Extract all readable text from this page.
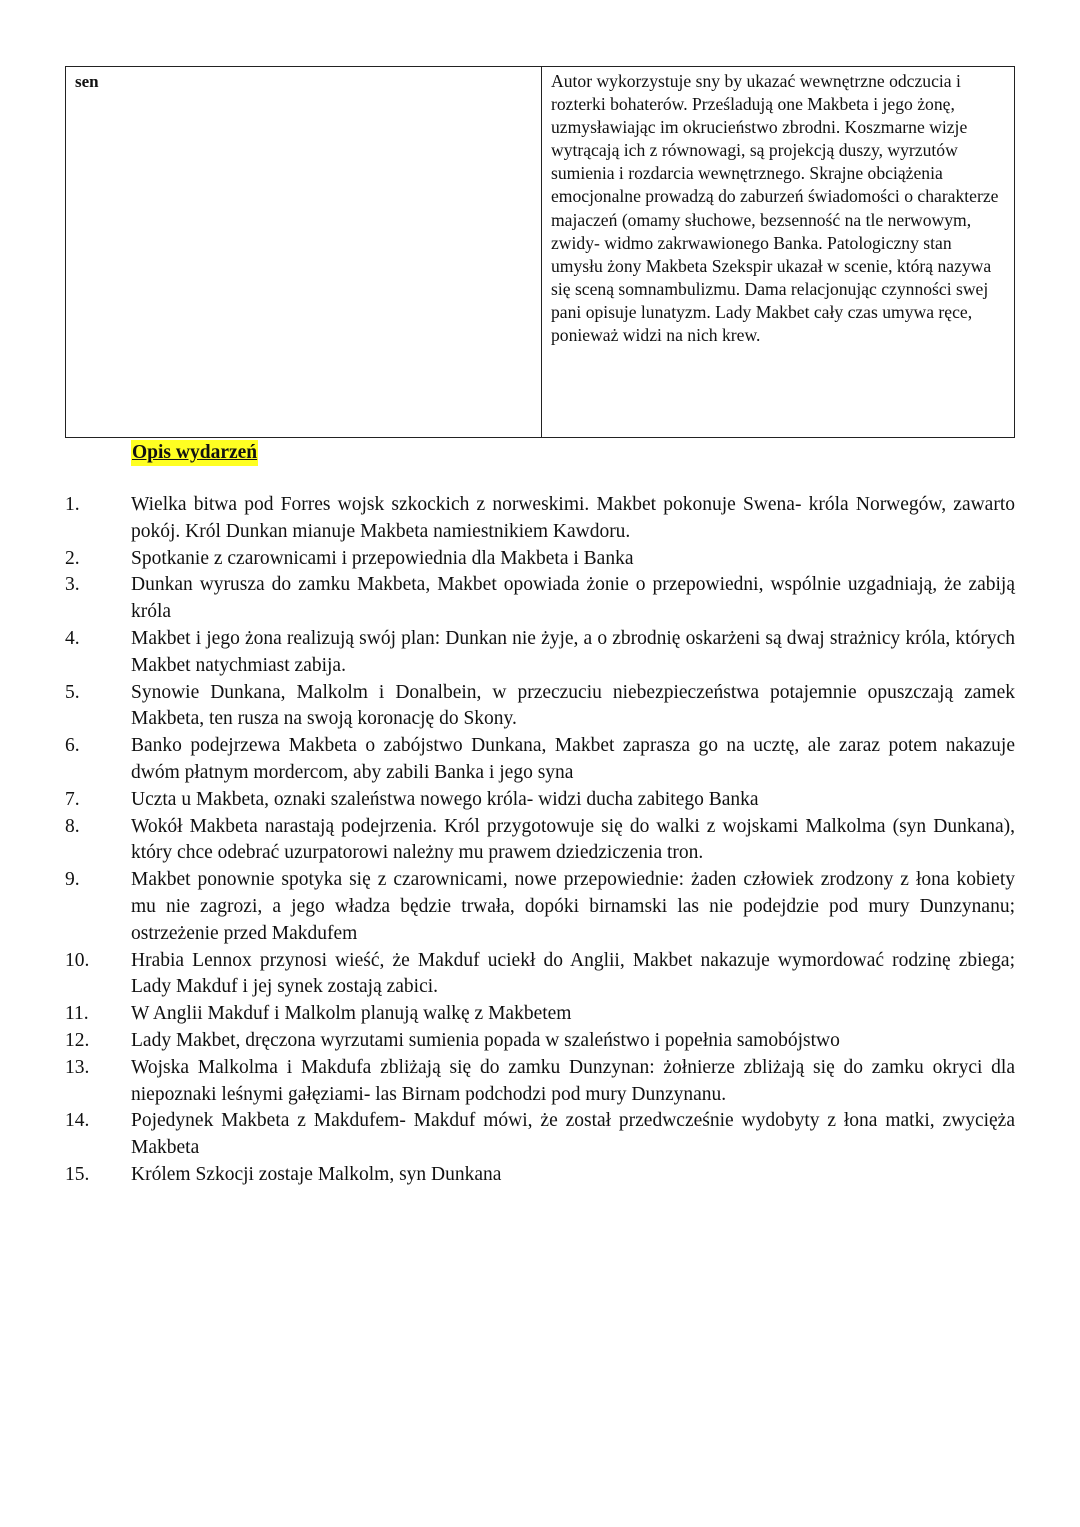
sen	Autor wykorzystuje sny by ukazać wewnętrzne odczucia i rozterki bohaterów. Prześladują one Makbeta i jego żonę, uzmysławiając im okrucieństwo zbrodni. Koszmarne wizje wytrącają ich z równowagi, są projekcją duszy, wyrzutów sumienia i rozdarcia wewnętrznego. Skrajne obciążenia emocjonalne prowadzą do zaburzeń świadomości o charakterze majaczeń (omamy słuchowe, bezsenność na tle nerwowym, zwidy- widmo zakrwawionego Banka. Patologiczny stan umysłu żony Makbeta Szekspir ukazał w scenie, którą nazywa się sceną somnambulizmu. Dama relacjonując czynności swej pani opisuje lunatyzm. Lady Makbet cały czas umywa ręce, ponieważ widzi na nich krew.
Opis wydarzeń
1.	Wielka bitwa pod Forres wojsk szkockich z norweskimi. Makbet pokonuje Swena- króla Norwegów, zawarto pokój. Król Dunkan mianuje Makbeta namiestnikiem Kawdoru.
2.	Spotkanie z czarownicami i przepowiednia dla Makbeta i Banka
3.	Dunkan wyrusza do zamku Makbeta, Makbet opowiada żonie o przepowiedni, wspólnie uzgadniają, że zabiją króla
4.	Makbet i jego żona realizują swój plan: Dunkan nie żyje, a o zbrodnię oskarżeni są dwaj strażnicy króla, których Makbet natychmiast zabija.
5.	Synowie Dunkana, Malkolm i Donalbein, w przeczuciu niebezpieczeństwa potajemnie opuszczają zamek Makbeta, ten rusza na swoją koronację do Skony.
6.	Banko podejrzewa Makbeta o zabójstwo Dunkana, Makbet zaprasza go na ucztę, ale zaraz potem nakazuje dwóm płatnym mordercom, aby zabili Banka i jego syna
7.	Uczta u Makbeta, oznaki szaleństwa nowego króla- widzi ducha zabitego Banka
8.	Wokół Makbeta narastają podejrzenia. Król przygotowuje się do walki z wojskami Malkolma (syn Dunkana), który chce odebrać uzurpatorowi należny mu prawem dziedziczenia tron.
9.	Makbet ponownie spotyka się z czarownicami, nowe przepowiednie: żaden człowiek zrodzony z łona kobiety mu nie zagrozi, a jego władza będzie trwała, dopóki birnamski las nie podejdzie pod mury Dunzynanu; ostrzeżenie przed Makdufem
10.	Hrabia Lennox przynosi wieść, że Makduf uciekł do Anglii, Makbet nakazuje wymordować rodzinę zbiega; Lady Makduf i jej synek zostają zabici.
11.	W Anglii Makduf i Malkolm planują walkę z Makbetem
12.	Lady Makbet, dręczona wyrzutami sumienia popada w szaleństwo i popełnia samobójstwo
13.	Wojska Malkolma i Makdufa zbliżają się do zamku Dunzynan: żołnierze zbliżają się do zamku okryci dla niepoznaki leśnymi gałęziami- las Birnam podchodzi pod mury Dunzynanu.
14.	Pojedynek Makbeta z Makdufem- Makduf mówi, że został przedwcześnie wydobyty z łona matki, zwycięża Makbeta
15.	Królem Szkocji zostaje Malkolm, syn Dunkana
